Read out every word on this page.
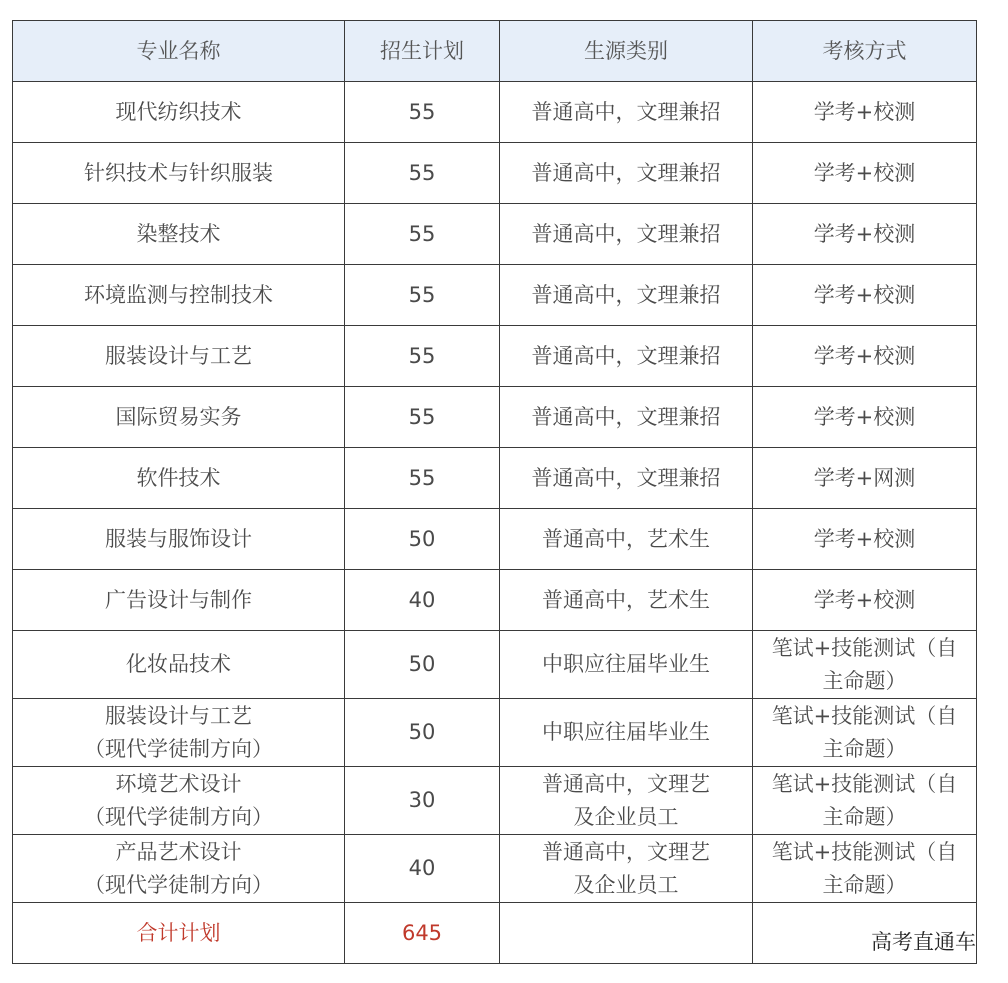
专业名称	招生计划	生源类别	考核方式

现代纺织技术	55	普通高中，文理兼招	学考+校测

针织技术与针织服装	55	普通高中，文理兼招	学考+校测

染整技术	55	普通高中，文理兼招	学考+校测

环境监测与控制技术	55	普通高中，文理兼招	学考+校测

服装设计与工艺	55	普通高中，文理兼招	学考+校测

国际贸易实务	55	普通高中，文理兼招	学考+校测

软件技术	55	普通高中，文理兼招	学考+网测

服装与服饰设计	50	普通高中，艺术生	学考+校测

广告设计与制作	40	普通高中，艺术生	学考+校测

化妆品技术	50	中职应往届毕业生	笔试+技能测试（自
主命题）

服装设计与工艺
（现代学徒制方向）	50	中职应往届毕业生	笔试+技能测试（自
主命题）

环境艺术设计
（现代学徒制方向）	30	普通高中，文理艺
及企业员工	笔试+技能测试（自
主命题）

产品艺术设计
（现代学徒制方向）	40	普通高中，文理艺
及企业员工	笔试+技能测试（自
主命题）

合计计划	645			高考直通车
